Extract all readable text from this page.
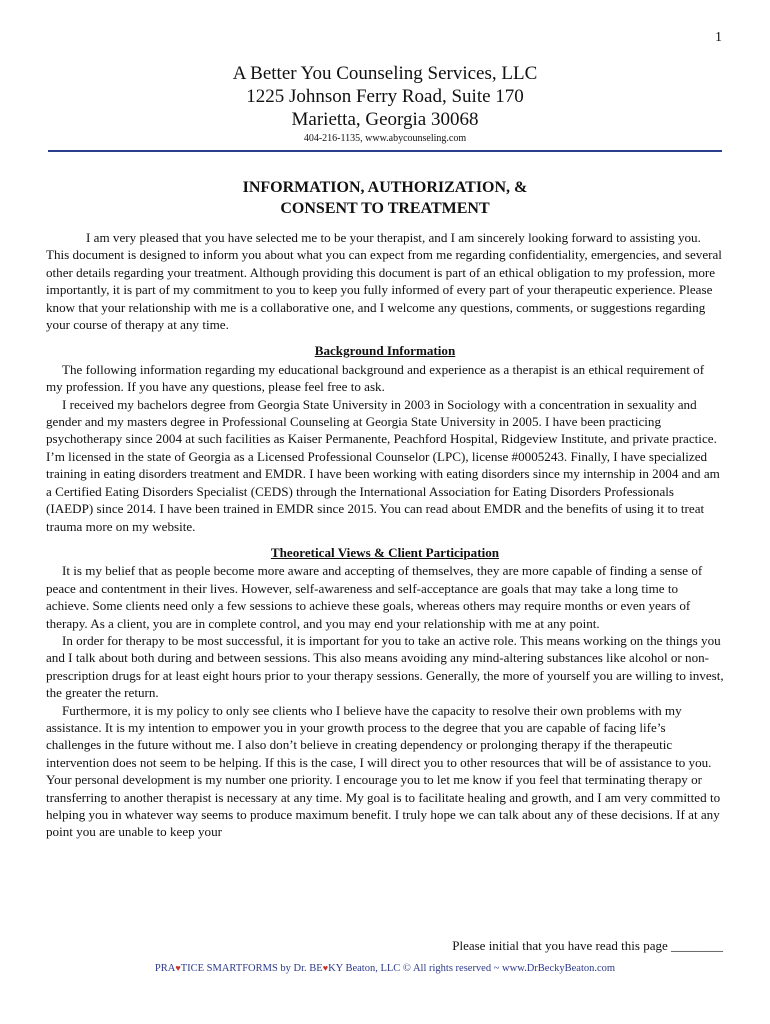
1
A Better You Counseling Services, LLC
1225 Johnson Ferry Road, Suite 170
Marietta, Georgia 30068
404-216-1135, www.abycounseling.com
INFORMATION, AUTHORIZATION, &
CONSENT TO TREATMENT

I am very pleased that you have selected me to be your therapist, and I am sincerely looking forward to assisting you. This document is designed to inform you about what you can expect from me regarding confidentiality, emergencies, and several other details regarding your treatment. Although providing this document is part of an ethical obligation to my profession, more importantly, it is part of my commitment to you to keep you fully informed of every part of your therapeutic experience. Please know that your relationship with me is a collaborative one, and I welcome any questions, comments, or suggestions regarding your course of therapy at any time.

Background Information

The following information regarding my educational background and experience as a therapist is an ethical requirement of my profession. If you have any questions, please feel free to ask.

I received my bachelors degree from Georgia State University in 2003 in Sociology with a concentration in sexuality and gender and my masters degree in Professional Counseling at Georgia State University in 2005. I have been practicing psychotherapy since 2004 at such facilities as Kaiser Permanente, Peachford Hospital, Ridgeview Institute, and private practice. I’m licensed in the state of Georgia as a Licensed Professional Counselor (LPC), license #0005243. Finally, I have specialized training in eating disorders treatment and EMDR. I have been working with eating disorders since my internship in 2004 and am a Certified Eating Disorders Specialist (CEDS) through the International Association for Eating Disorders Professionals (IAEDP) since 2014. I have been trained in EMDR since 2015. You can read about EMDR and the benefits of using it to treat trauma more on my website.

Theoretical Views & Client Participation

It is my belief that as people become more aware and accepting of themselves, they are more capable of finding a sense of peace and contentment in their lives. However, self-awareness and self-acceptance are goals that may take a long time to achieve. Some clients need only a few sessions to achieve these goals, whereas others may require months or even years of therapy. As a client, you are in complete control, and you may end your relationship with me at any point.

In order for therapy to be most successful, it is important for you to take an active role. This means working on the things you and I talk about both during and between sessions. This also means avoiding any mind-altering substances like alcohol or non-prescription drugs for at least eight hours prior to your therapy sessions. Generally, the more of yourself you are willing to invest, the greater the return.

Furthermore, it is my policy to only see clients who I believe have the capacity to resolve their own problems with my assistance. It is my intention to empower you in your growth process to the degree that you are capable of facing life’s challenges in the future without me. I also don’t believe in creating dependency or prolonging therapy if the therapeutic intervention does not seem to be helping. If this is the case, I will direct you to other resources that will be of assistance to you. Your personal development is my number one priority. I encourage you to let me know if you feel that terminating therapy or transferring to another therapist is necessary at any time. My goal is to facilitate healing and growth, and I am very committed to helping you in whatever way seems to produce maximum benefit. I truly hope we can talk about any of these decisions. If at any point you are unable to keep your

Please initial that you have read this page ________
PRA♥TICE SMARTFORMS by Dr. BE♥KY Beaton, LLC © All rights reserved ~ www.DrBeckyBeaton.com
